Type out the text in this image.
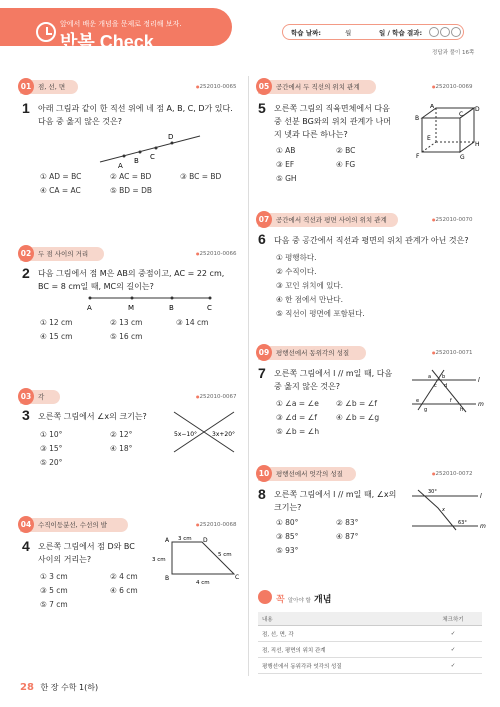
앞에서 배운 개념을 문제로 정리해 보자.
반복 Check	학습 날짜:	월	일 / 학습 결과:
정답과 풀이 16쪽
01	점, 선, 면	● 252010-0065
1 아래 그림과 같이 한 직선 위에 네 점 A, B, C, D가 있다. 다음 중 옳지 않은 것은?
A
B C
D
① AD = BC	② AC = BD	③ BC = BD
④ CA = AC	⑤ BD = DB
02	두 점 사이의 거리	● 252010-0066
2 다음 그림에서 점 M은 AB의 중점이고, AC = 22 cm,
BC = 8 cm일 때, MC의 길이는?
A	M	B	C
① 12 cm	② 13 cm	③ 14 cm
④ 15 cm	⑤ 16 cm
03	각	● 252010-0067
3 오른쪽 그림에서 ∠x의 크기는?
5x−10° 3x+20°
① 10°	② 12°
③ 15°	④ 18°
⑤ 20°
04	수직이등분선, 수선의 발	● 252010-0068
4 오른쪽 그림에서 점 D와 BC
사이의 거리는?
A
B	C
D
3 cm
3 cm
5 cm
4 cm
① 3 cm	② 4 cm
③ 5 cm	④ 6 cm
⑤ 7 cm
05	공간에서 두 직선의 위치 관계	● 252010-0069
5 오른쪽 그림의 직육면체에서 다음
중 선분 BG와의 위치 관계가 나머
지 넷과 다른 하나는?
A
B
C
D
E
F	G
H
① AB	② BC
③ EF	④ FG
⑤ GH
07	공간에서 직선과 평면 사이의 위치 관계	● 252010-0070
6 다음 중 공간에서 직선과 평면의 위치 관계가 아닌 것은?
① 평행하다.
② 수직이다.
③ 꼬인 위치에 있다.
④ 한 점에서 만난다.
⑤ 직선이 평면에 포함된다.
09	평행선에서 동위각의 성질	● 252010-0071
7 오른쪽 그림에서 l // m일 때, 다음
중 옳지 않은 것은?
l
m
a b
c d
e	f
g	h
① ∠a = ∠e ② ∠b = ∠f
③ ∠d = ∠f	④ ∠b = ∠g
⑤ ∠b = ∠h
10	평행선에서 엇각의 성질	● 252010-0072
8 오른쪽 그림에서 l // m일 때, ∠x의
크기는?
l
m
30°
x
63°
① 80°	② 83°
③ 85°	④ 87°
⑤ 93°
꼭 알아야 할 개념
내용	체크하기
점, 선, 면, 각	✓
점, 직선, 평면의 위치 관계	✓
평행선에서 동위각과 엇각의 성질	✓
28 한 장 수학 1(하)
